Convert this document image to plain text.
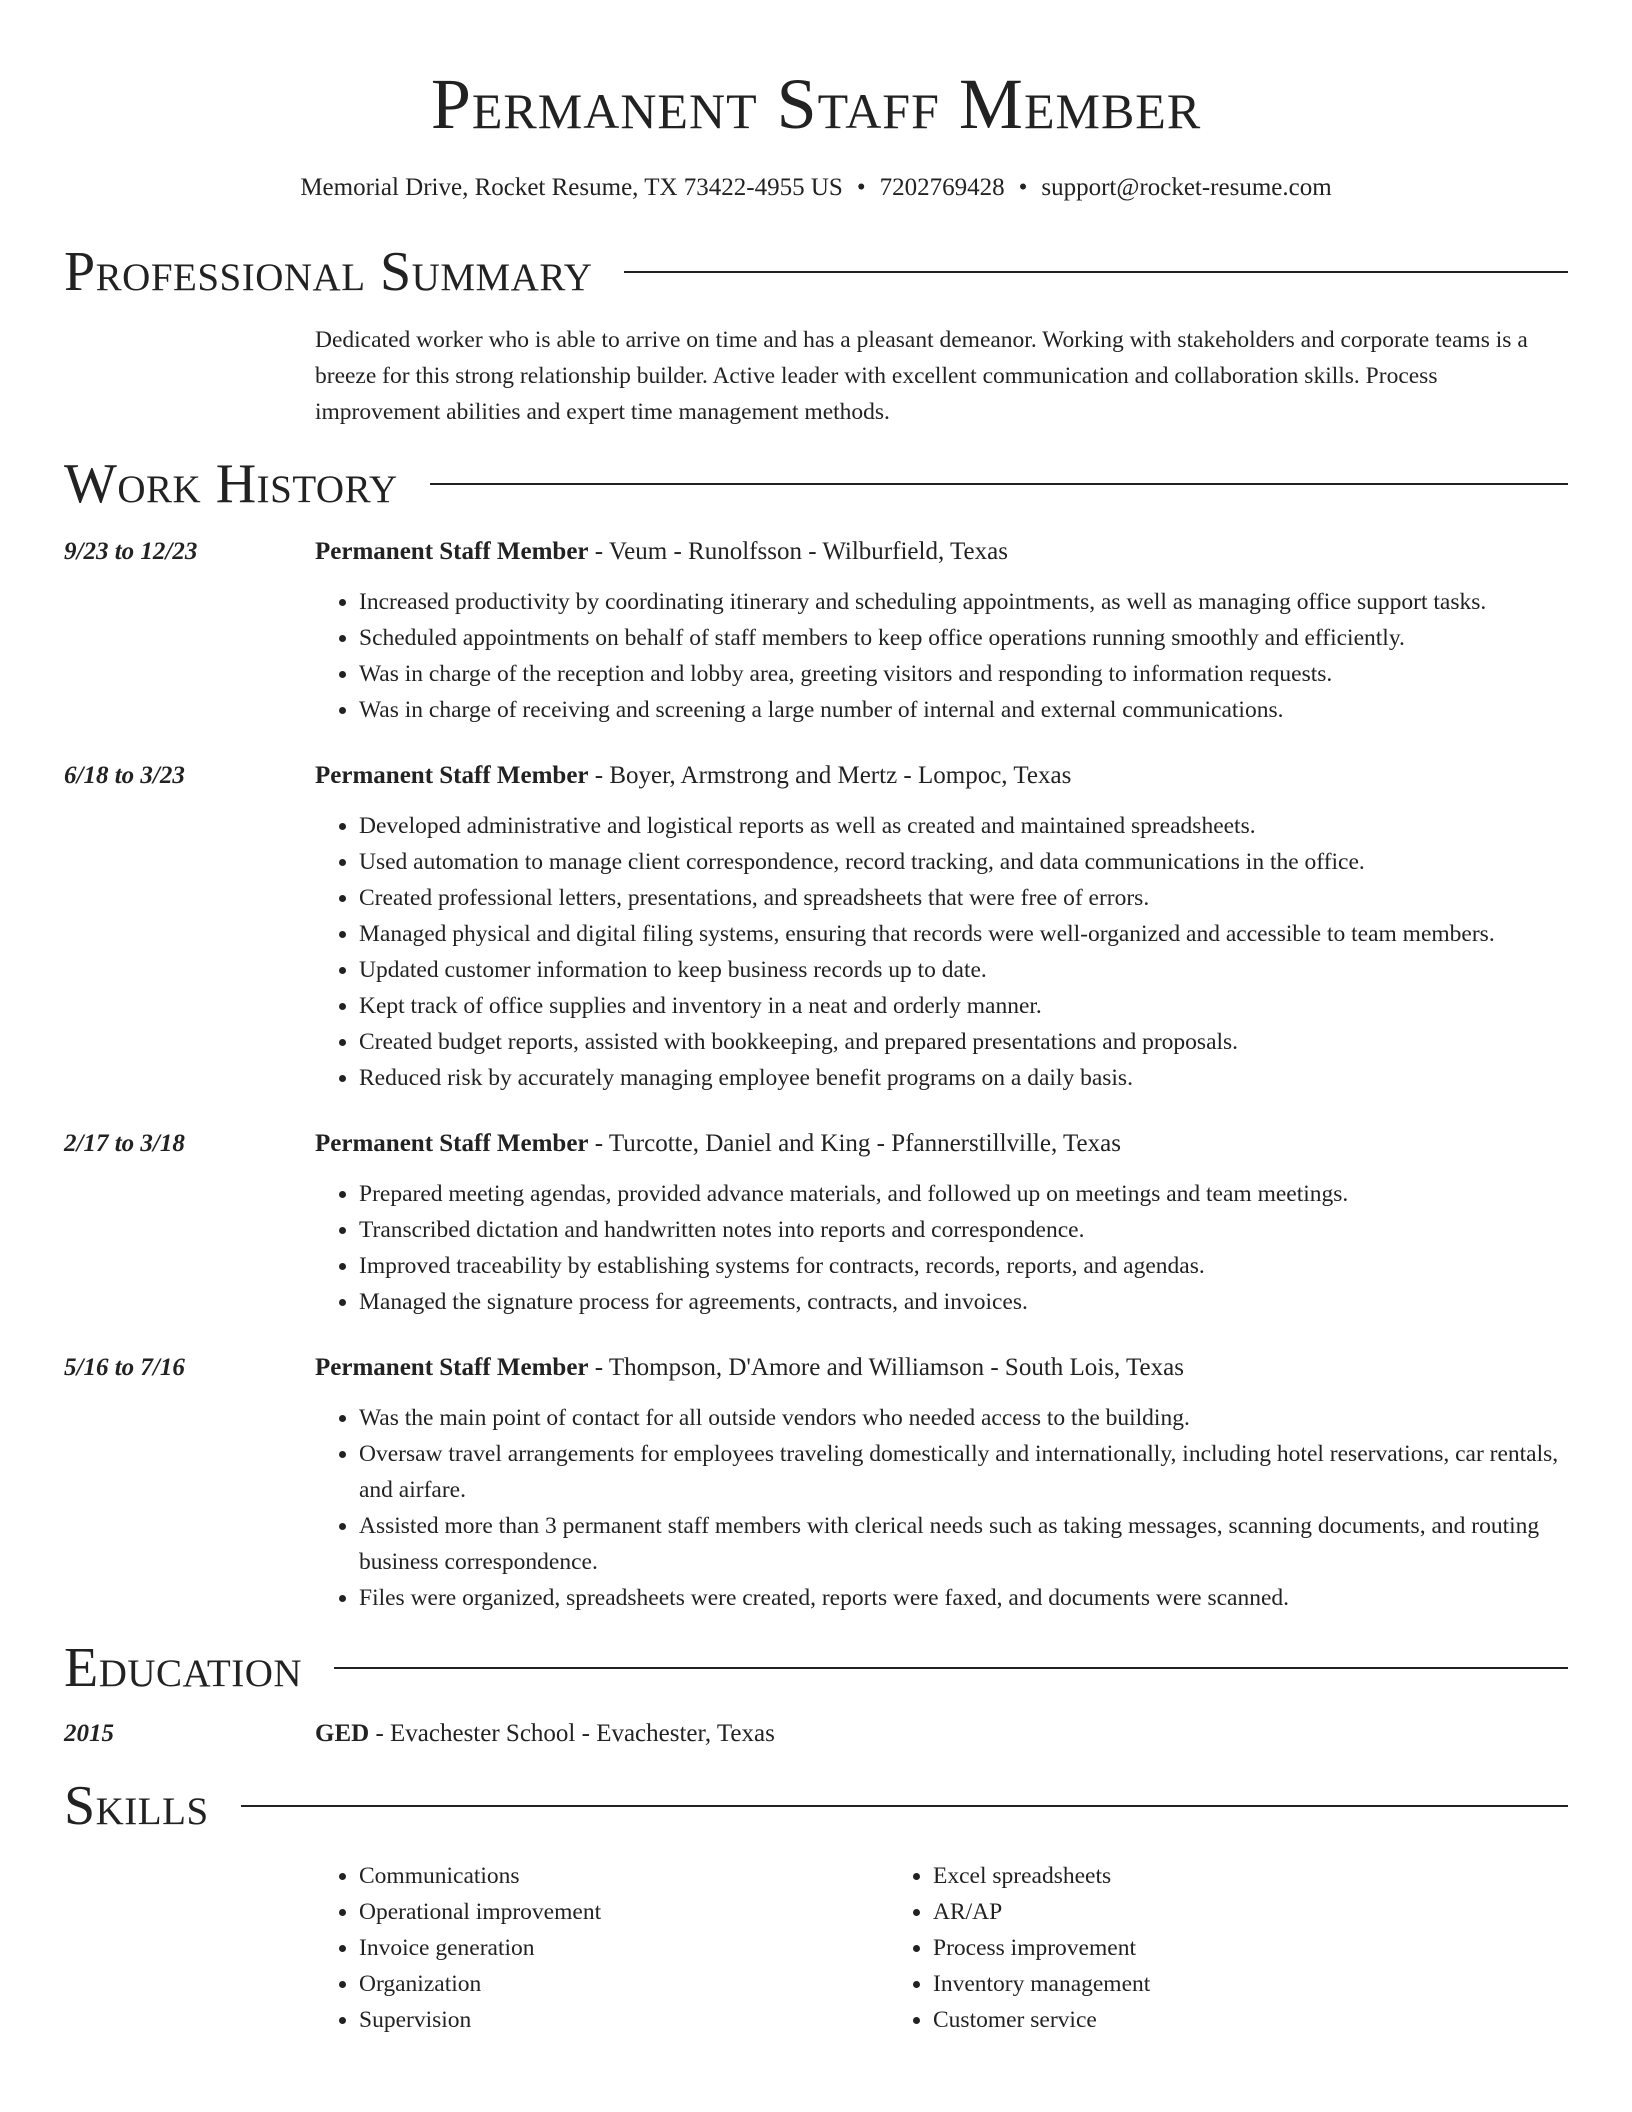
Permanent Staff Member
Memorial Drive, Rocket Resume, TX 73422-4955 US • 7202769428 • support@rocket-resume.com
Professional Summary
Dedicated worker who is able to arrive on time and has a pleasant demeanor. Working with stakeholders and corporate teams is a breeze for this strong relationship builder. Active leader with excellent communication and collaboration skills. Process improvement abilities and expert time management methods.
Work History
9/23 to 12/23	Permanent Staff Member - Veum - Runolfsson - Wilburfield, Texas
• Increased productivity by coordinating itinerary and scheduling appointments, as well as managing office support tasks.
• Scheduled appointments on behalf of staff members to keep office operations running smoothly and efficiently.
• Was in charge of the reception and lobby area, greeting visitors and responding to information requests.
• Was in charge of receiving and screening a large number of internal and external communications.
6/18 to 3/23	Permanent Staff Member - Boyer, Armstrong and Mertz - Lompoc, Texas
• Developed administrative and logistical reports as well as created and maintained spreadsheets.
• Used automation to manage client correspondence, record tracking, and data communications in the office.
• Created professional letters, presentations, and spreadsheets that were free of errors.
• Managed physical and digital filing systems, ensuring that records were well-organized and accessible to team members.
• Updated customer information to keep business records up to date.
• Kept track of office supplies and inventory in a neat and orderly manner.
• Created budget reports, assisted with bookkeeping, and prepared presentations and proposals.
• Reduced risk by accurately managing employee benefit programs on a daily basis.
2/17 to 3/18	Permanent Staff Member - Turcotte, Daniel and King - Pfannerstillville, Texas
• Prepared meeting agendas, provided advance materials, and followed up on meetings and team meetings.
• Transcribed dictation and handwritten notes into reports and correspondence.
• Improved traceability by establishing systems for contracts, records, reports, and agendas.
• Managed the signature process for agreements, contracts, and invoices.
5/16 to 7/16	Permanent Staff Member - Thompson, D'Amore and Williamson - South Lois, Texas
• Was the main point of contact for all outside vendors who needed access to the building.
• Oversaw travel arrangements for employees traveling domestically and internationally, including hotel reservations, car rentals, and airfare.
• Assisted more than 3 permanent staff members with clerical needs such as taking messages, scanning documents, and routing business correspondence.
• Files were organized, spreadsheets were created, reports were faxed, and documents were scanned.
Education
2015	GED - Evachester School - Evachester, Texas
Skills
• Communications
• Operational improvement
• Invoice generation
• Organization
• Supervision
• Excel spreadsheets
• AR/AP
• Process improvement
• Inventory management
• Customer service
